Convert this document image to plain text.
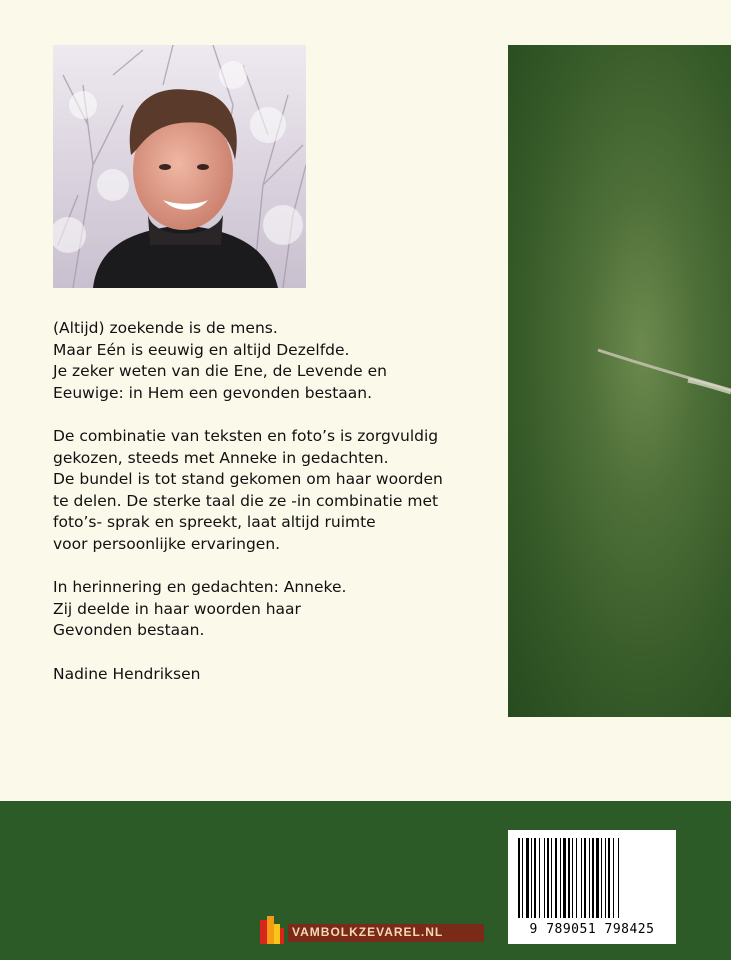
(Altijd) zoekende is de mens.
Maar Eén is eeuwig en altijd Dezelfde.
Je zeker weten van die Ene, de Levende en
Eeuwige: in Hem een gevonden bestaan.
De combinatie van teksten en foto’s is zorgvuldig
gekozen, steeds met Anneke in gedachten.
De bundel is tot stand gekomen om haar woorden
te delen. De sterke taal die ze -in combinatie met
foto’s- sprak en spreekt, laat altijd ruimte
voor persoonlijke ervaringen.
In herinnering en gedachten: Anneke.
Zij deelde in haar woorden haar
Gevonden bestaan.
Nadine Hendriksen
VAMBOLKZEVAREL.NL	9 789051 798425
